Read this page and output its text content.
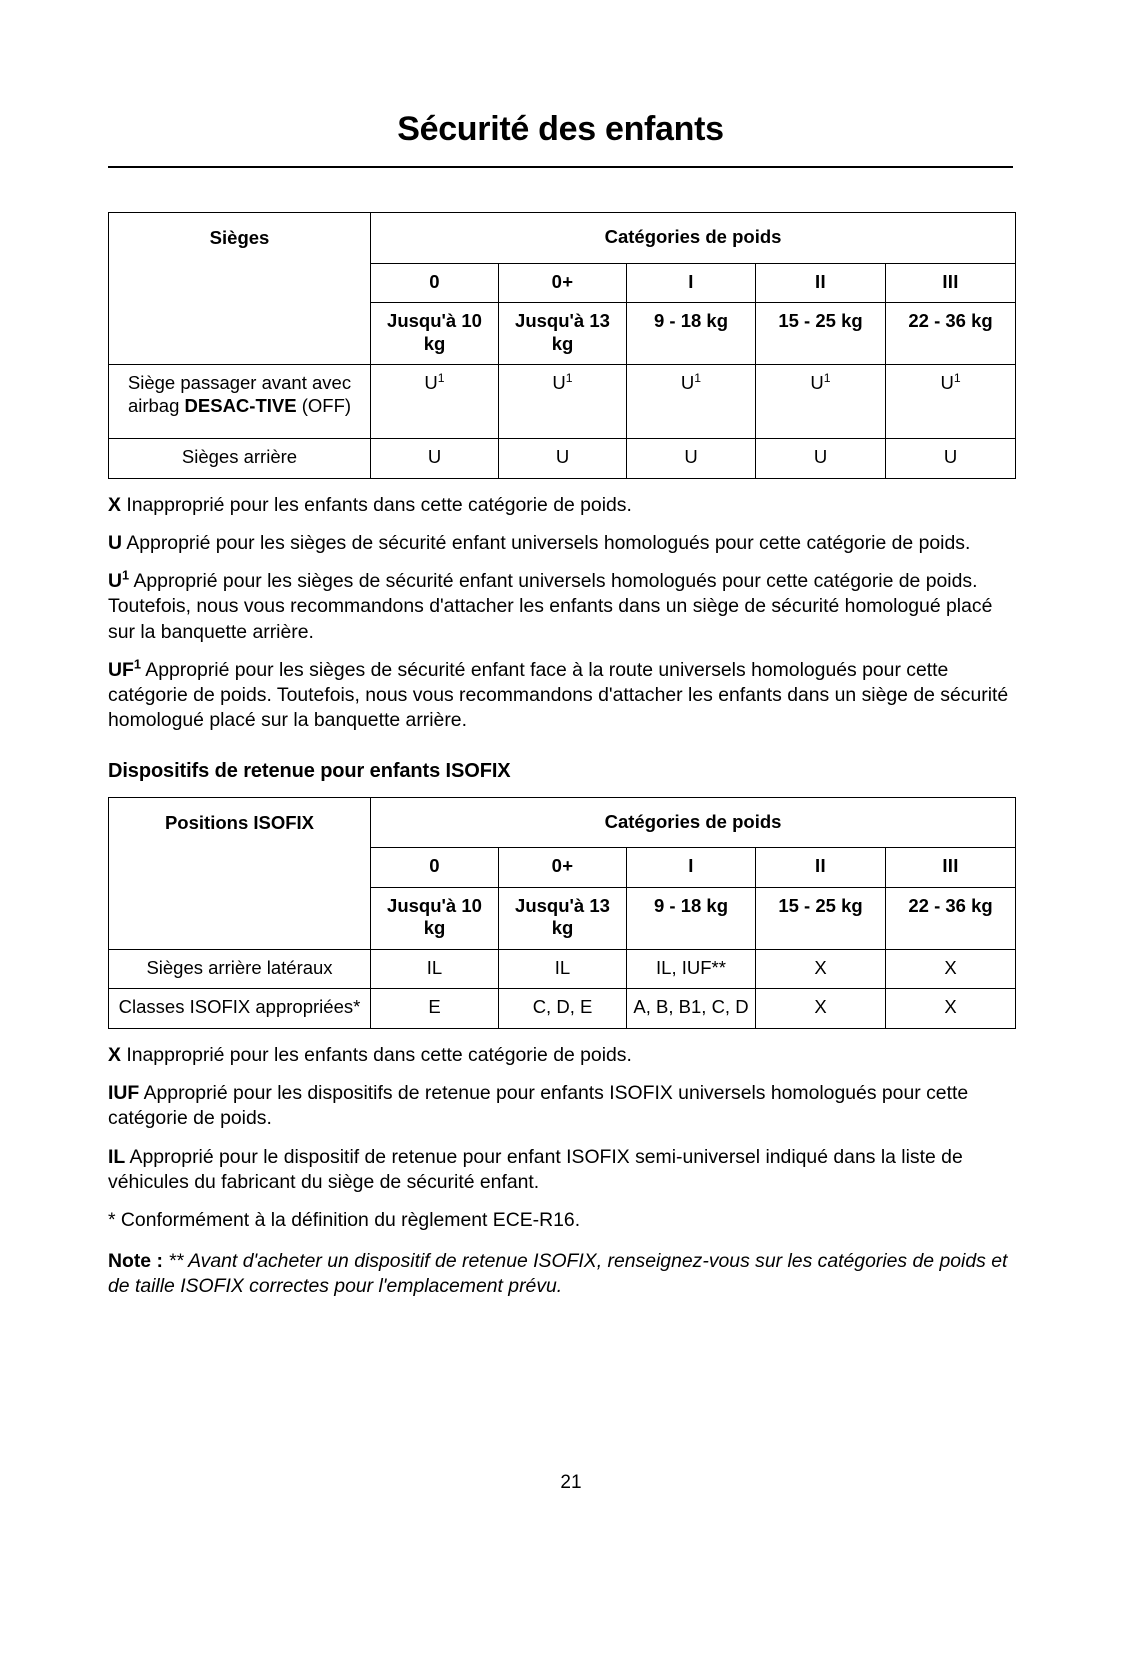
Sécurité des enfants
Sièges	Catégories de poids				
	0	0+	I	II	III
	Jusqu'à 10 kg	Jusqu'à 13 kg	9 - 18 kg	15 - 25 kg	22 - 36 kg
Siège passager avant avec airbag DESAC-TIVE (OFF)	$U^1$	$U^1$	$U^1$	$U^1$	$U^1$
Sièges arrière	U	U	U	U	U

X Inapproprié pour les enfants dans cette catégorie de poids.

U Approprié pour les sièges de sécurité enfant universels homologués pour cette catégorie de poids.

$U^1$ Approprié pour les sièges de sécurité enfant universels homologués pour cette catégorie de poids. Toutefois, nous vous recommandons d'attacher les enfants dans un siège de sécurité homologué placé sur la banquette arrière.

$UF^1$ Approprié pour les sièges de sécurité enfant face à la route universels homologués pour cette catégorie de poids. Toutefois, nous vous recommandons d'attacher les enfants dans un siège de sécurité homologué placé sur la banquette arrière.

Dispositifs de retenue pour enfants ISOFIX
Positions ISOFIX	Catégories de poids				
	0	0+	I	II	III
	Jusqu'à 10 kg	Jusqu'à 13 kg	9 - 18 kg	15 - 25 kg	22 - 36 kg
Sièges arrière latéraux	IL	IL	IL, IUF**	X	X
Classes ISOFIX appropriées*	E	C, D, E	A, B, B1, C, D	X	X

X Inapproprié pour les enfants dans cette catégorie de poids.

IUF Approprié pour les dispositifs de retenue pour enfants ISOFIX universels homologués pour cette catégorie de poids.

IL Approprié pour le dispositif de retenue pour enfant ISOFIX semi-universel indiqué dans la liste de véhicules du fabricant du siège de sécurité enfant.

* Conformément à la définition du règlement ECE-R16.

Note : ** Avant d'acheter un dispositif de retenue ISOFIX, renseignez-vous sur les catégories de poids et de taille ISOFIX correctes pour l'emplacement prévu.

21
